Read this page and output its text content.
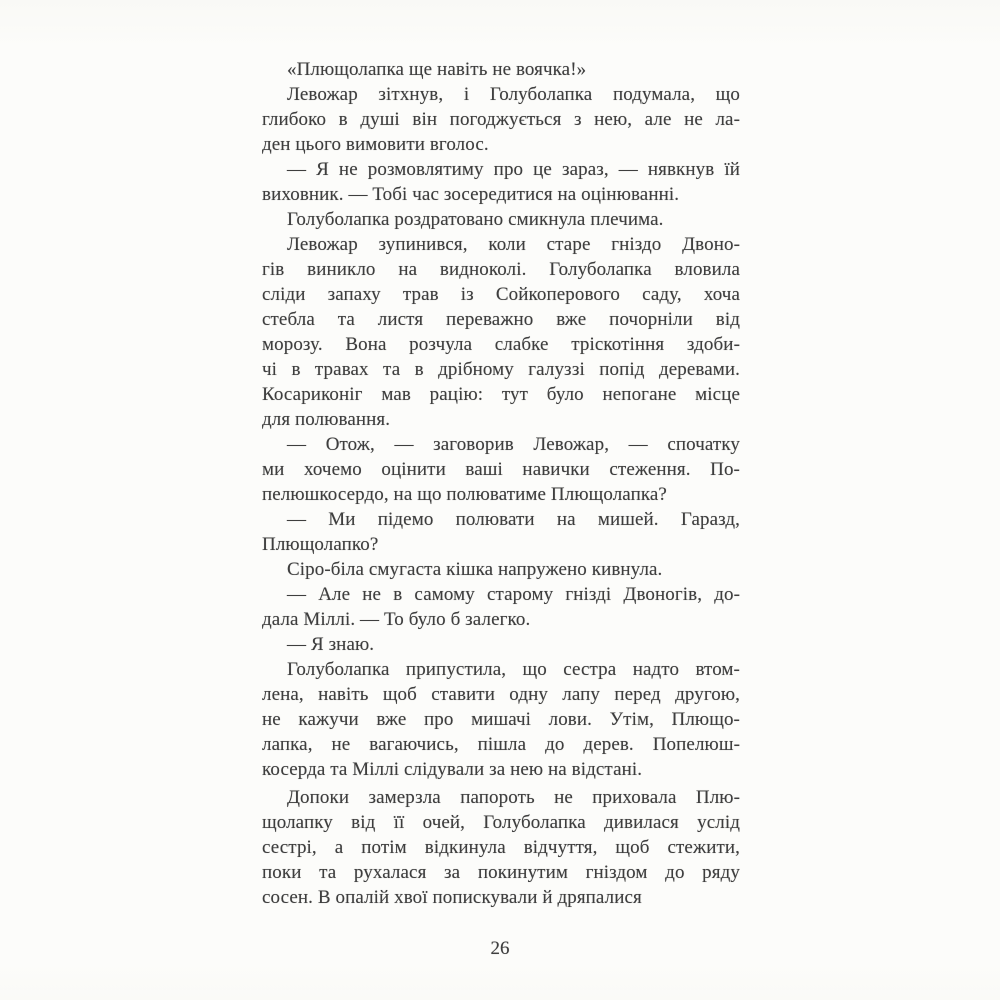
«Плющолапка ще навіть не воячка!»
Левожар зітхнув, і Голуболапка подумала, що
глибоко в душі він погоджується з нею, але не ла-
ден цього вимовити вголос.
— Я не розмовлятиму про це зараз, — нявкнув їй
виховник. — Тобі час зосередитися на оцінюванні.
Голуболапка роздратовано смикнула плечима.
Левожар зупинився, коли старе гніздо Двоно-
гів виникло на видноколі. Голуболапка вловила
сліди запаху трав із Сойкоперового саду, хоча
стебла та листя переважно вже почорніли від
морозу. Вона розчула слабке тріскотіння здоби-
чі в травах та в дрібному галуззі попід деревами.
Косариконіг мав рацію: тут було непогане місце
для полювання.
— Отож, — заговорив Левожар, — спочатку
ми хочемо оцінити ваші навички стеження. По-
пелюшкосердо, на що полюватиме Плющолапка?
— Ми підемо полювати на мишей. Гаразд,
Плющолапко?
Сіро-біла смугаста кішка напружено кивнула.
— Але не в самому старому гнізді Двоногів, до-
дала Міллі. — То було б залегко.
— Я знаю.
Голуболапка припустила, що сестра надто втом-
лена, навіть щоб ставити одну лапу перед другою,
не кажучи вже про мишачі лови. Утім, Плющо-
лапка, не вагаючись, пішла до дерев. Попелюш-
косерда та Міллі слідували за нею на відстані.
Допоки замерзла папороть не приховала Плю-
щолапку від її очей, Голуболапка дивилася услід
сестрі, а потім відкинула відчуття, щоб стежити,
поки та рухалася за покинутим гніздом до ряду
сосен. В опалій хвої попискували й дряпалися
26
